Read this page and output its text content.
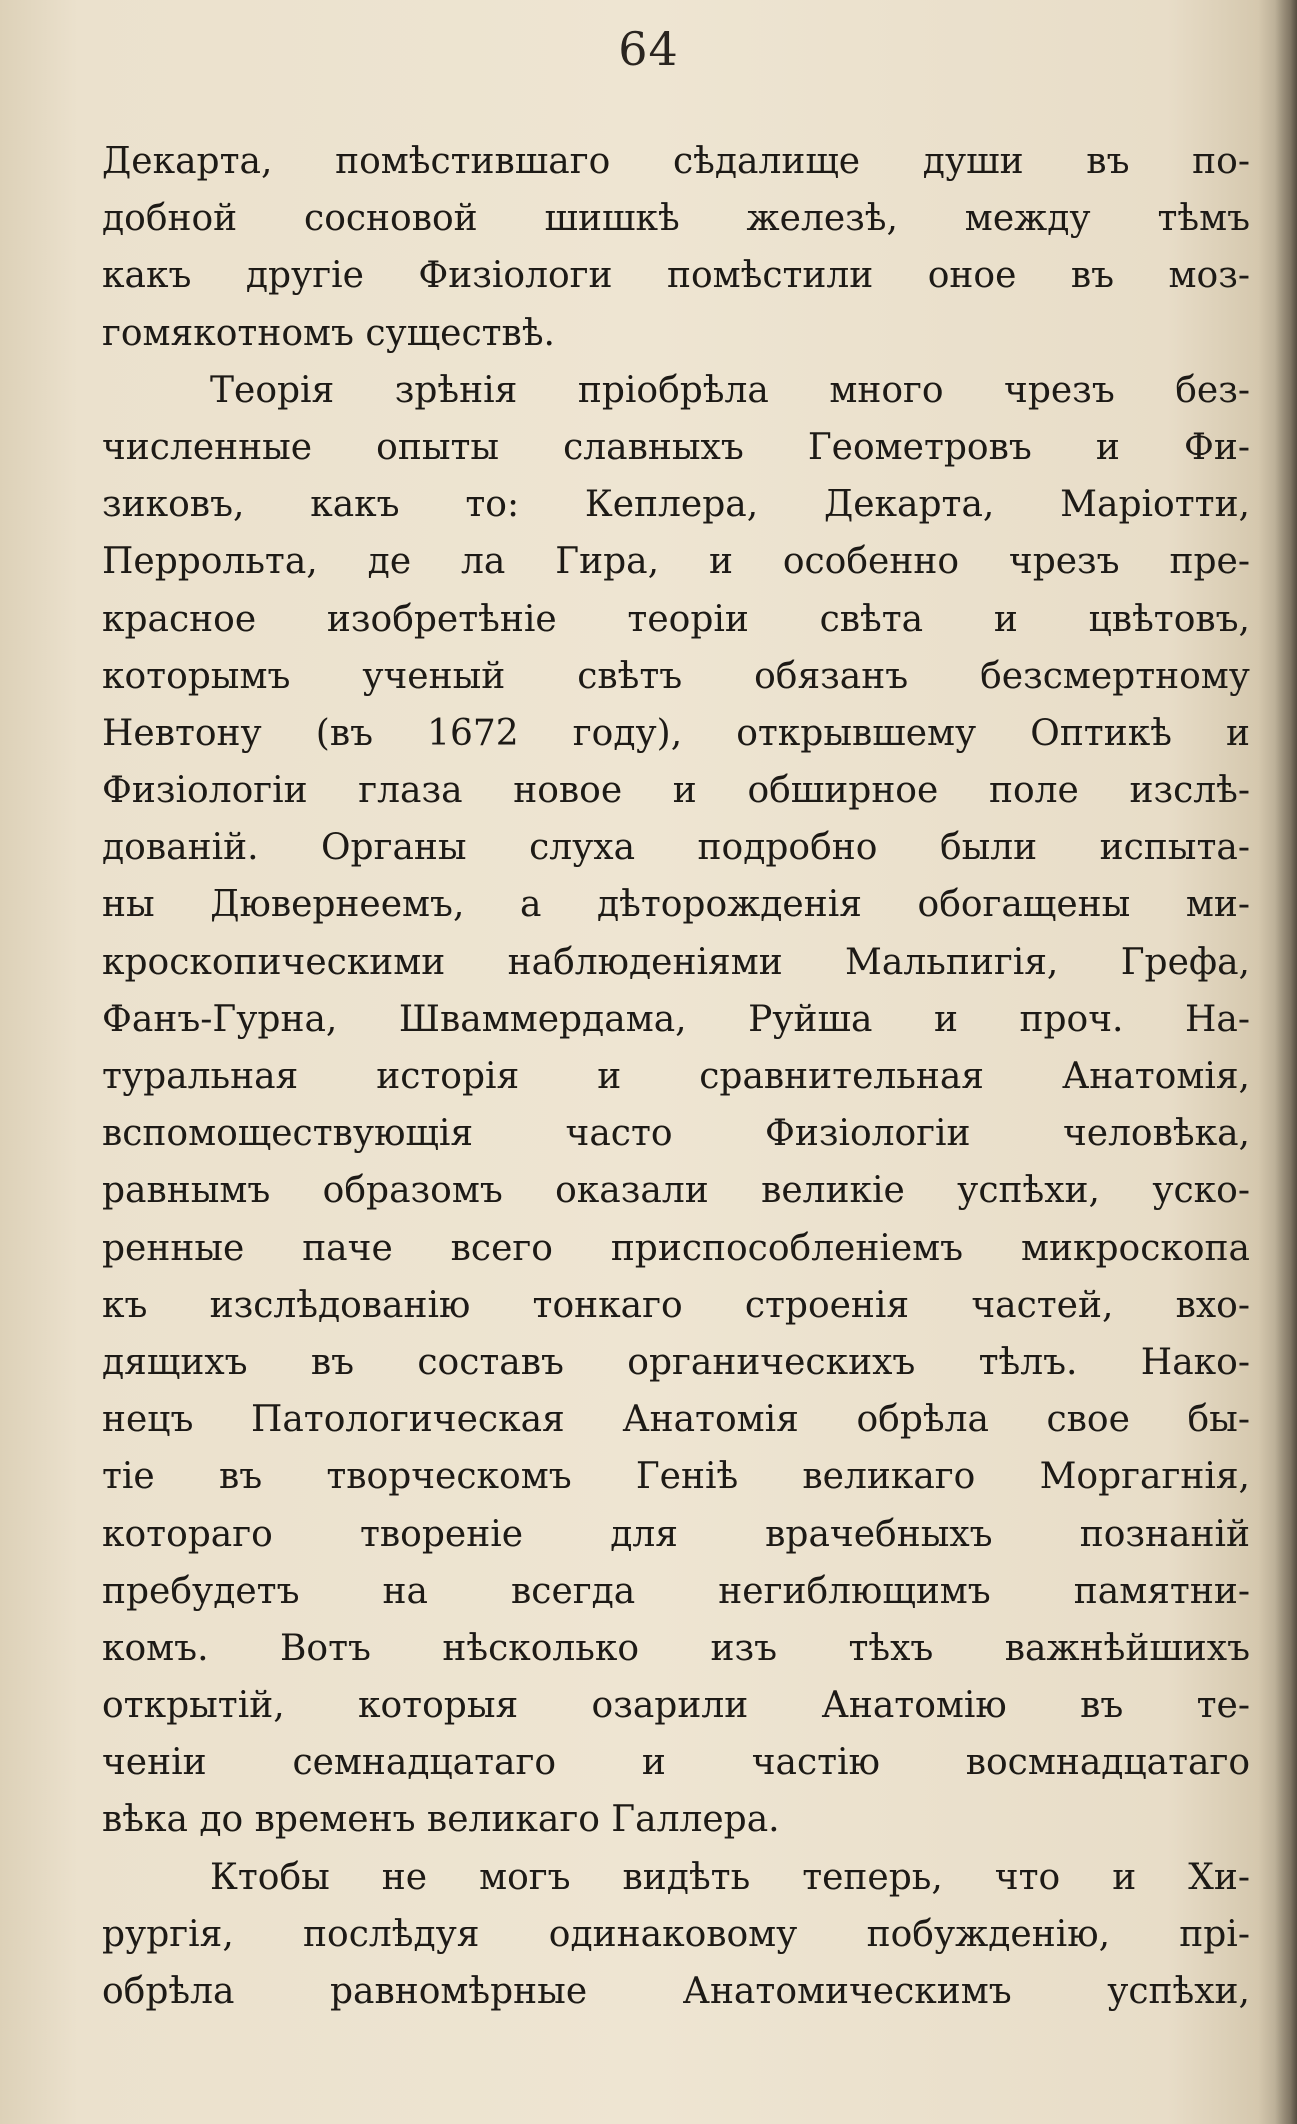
64
Декарта, помѣстившаго сѣдалище души въ по-
добной сосновой шишкѣ железѣ, между тѣмъ
какъ другіе Физіологи помѣстили оное въ моз-
гомякотномъ существѣ.
Теорія зрѣнія пріобрѣла много чрезъ без-
численные опыты славныхъ Геометровъ и Фи-
зиковъ, какъ то: Кеплера, Декарта, Маріотти,
Перрольта, де ла Гира, и особенно чрезъ пре-
красное изобретѣніе теоріи свѣта и цвѣтовъ,
которымъ ученый свѣтъ обязанъ безсмертному
Невтону (въ 1672 году), открывшему Оптикѣ и
Физіологіи глаза новое и обширное поле изслѣ-
дованій. Органы слуха подробно были испыта-
ны Дювернеемъ, а дѣторожденія обогащены ми-
кроскопическими наблюденіями Мальпигія, Грефа,
Фанъ-Гурна, Шваммердама, Руйша и проч. На-
туральная исторія и сравнительная Анатомія,
вспомоществующія часто Физіологіи человѣка,
равнымъ образомъ оказали великіе успѣхи, уско-
ренные паче всего приспособленіемъ микроскопа
къ изслѣдованію тонкаго строенія частей, вхо-
дящихъ въ составъ органическихъ тѣлъ. Нако-
нецъ Патологическая Анатомія обрѣла свое бы-
тіе въ творческомъ Геніѣ великаго Моргагнія,
котораго твореніе для врачебныхъ познаній
пребудетъ на всегда негиблющимъ памятни-
комъ. Вотъ нѣсколько изъ тѣхъ важнѣйшихъ
открытій, которыя озарили Анатомію въ те-
ченіи семнадцатаго и частію восмнадцатаго
вѣка до временъ великаго Галлера.
Ктобы не могъ видѣть теперь, что и Хи-
рургія, послѣдуя одинаковому побужденію, прі-
обрѣла равномѣрные Анатомическимъ успѣхи,
